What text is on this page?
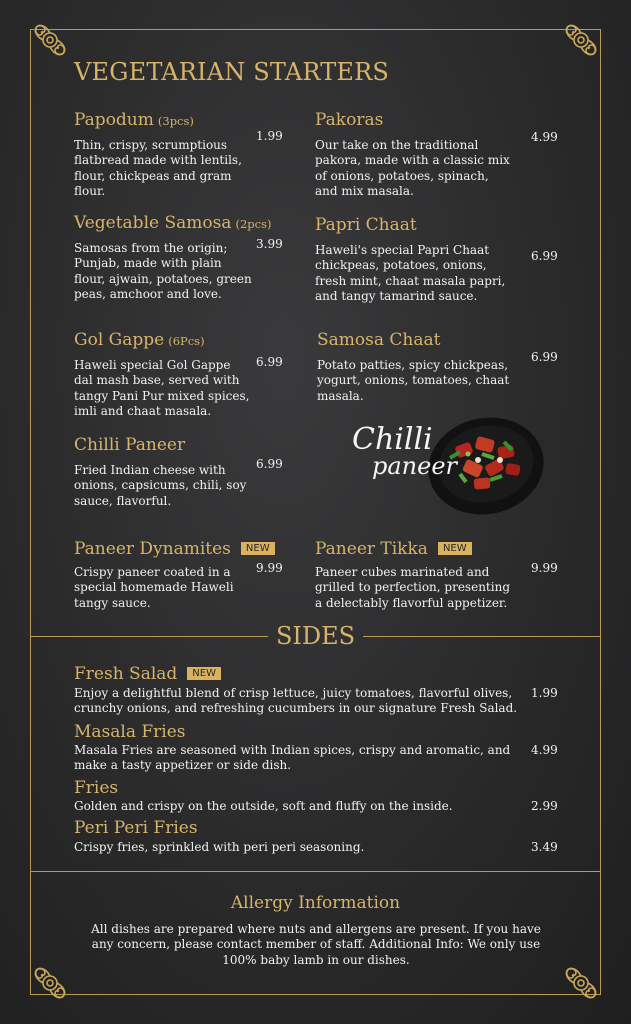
VEGETARIAN STARTERS
Papodum (3pcs)
Thin, crispy, scrumptious flatbread made with lentils, flour, chickpeas and gram flour.
1.99
Pakoras
Our take on the traditional pakora, made with a classic mix of onions, potatoes, spinach, and mix masala.
4.99
Vegetable Samosa (2pcs)
Samosas from the origin; Punjab, made with plain flour, ajwain, potatoes, green peas, amchoor and love.
3.99
Papri Chaat
Haweli's special Papri Chaat chickpeas, potatoes, onions, fresh mint, chaat masala papri, and tangy tamarind sauce.
6.99
Gol Gappe (6Pcs)
Haweli special Gol Gappe dal mash base, served with tangy Pani Pur mixed spices, imli and chaat masala.
6.99
Samosa Chaat
Potato patties, spicy chickpeas, yogurt, onions, tomatoes, chaat masala.
6.99
Chilli Paneer
Fried Indian cheese with onions, capsicums, chili, soy sauce, flavorful.
6.99
Chilli
paneer
Paneer Dynamites NEW
Crispy paneer coated in a special homemade Haweli tangy sauce.
9.99
Paneer Tikka NEW
Paneer cubes marinated and grilled to perfection, presenting a delectably flavorful appetizer.
9.99
SIDES
Fresh Salad NEW
Enjoy a delightful blend of crisp lettuce, juicy tomatoes, flavorful olives, crunchy onions, and refreshing cucumbers in our signature Fresh Salad.
1.99
Masala Fries
Masala Fries are seasoned with Indian spices, crispy and aromatic, and make a tasty appetizer or side dish.
4.99
Fries
Golden and crispy on the outside, soft and fluffy on the inside.	2.99
Peri Peri Fries
Crispy fries, sprinkled with peri peri seasoning.	3.49
Allergy Information
All dishes are prepared where nuts and allergens are present. If you have any concern, please contact member of staff. Additional Info: We only use 100% baby lamb in our dishes.
